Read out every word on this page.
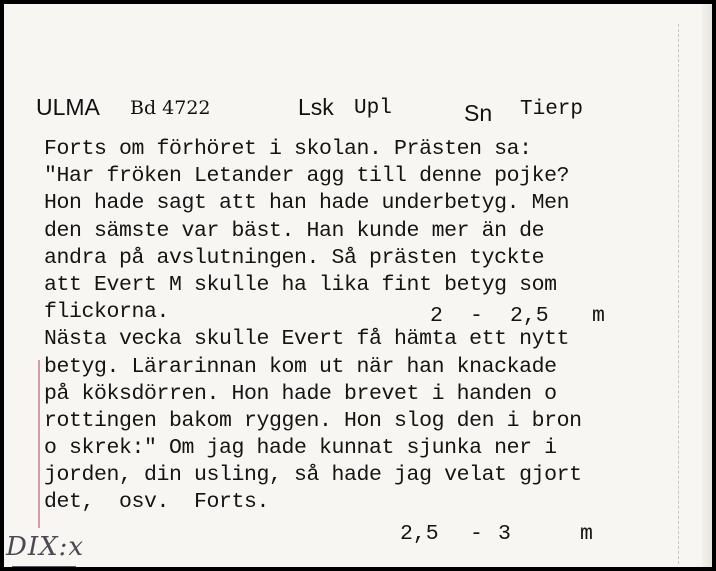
ULMA Bd 4722	Lsk Upl	Sn Tierp
Forts om förhöret i skolan. Prästen sa:
"Har fröken Letander agg till denne pojke?
Hon hade sagt att han hade underbetyg. Men
den sämste var bäst. Han kunde mer än de
andra på avslutningen. Så prästen tyckte
att Evert M skulle ha lika fint betyg som
flickorna.
Nästa vecka skulle Evert få hämta ett nytt
betyg. Lärarinnan kom ut när han knackade
på köksdörren. Hon hade brevet i handen o
rottingen bakom ryggen. Hon slog den i bron
o skrek:" Om jag hade kunnat sjunka ner i
jorden, din usling, så hade jag velat gjort
det,  osv.  Forts.
2 - 2,5 m
2,5 - 3	m
DIX:x
